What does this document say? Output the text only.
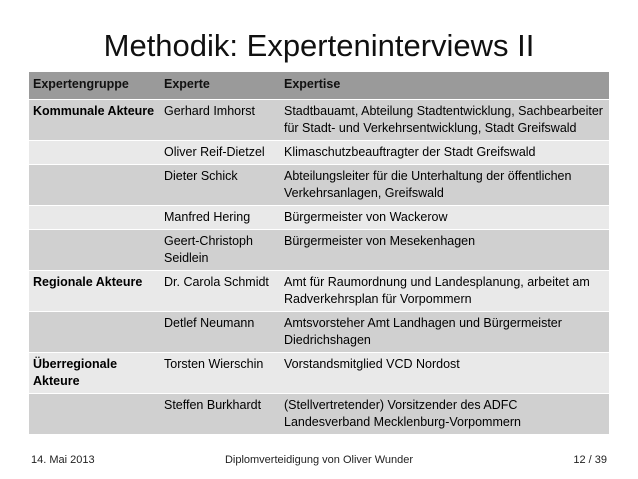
Methodik: Experteninterviews II
Expertengruppe	Experte	Expertise
Kommunale Akteure	Gerhard Imhorst	Stadtbauamt, Abteilung Stadtentwicklung, Sachbearbeiter für Stadt- und Verkehrsentwicklung, Stadt Greifswald
	Oliver Reif-Dietzel	Klimaschutzbeauftragter der Stadt Greifswald
	Dieter Schick	Abteilungsleiter für die Unterhaltung der öffentlichen Verkehrsanlagen, Greifswald
	Manfred Hering	Bürgermeister von Wackerow
	Geert-Christoph Seidlein	Bürgermeister von Mesekenhagen
Regionale Akteure	Dr. Carola Schmidt	Amt für Raumordnung und Landesplanung, arbeitet am Radverkehrsplan für Vorpommern
	Detlef Neumann	Amtsvorsteher Amt Landhagen und Bürgermeister Diedrichshagen
Überregionale Akteure	Torsten Wierschin	Vorstandsmitglied VCD Nordost
	Steffen Burkhardt	(Stellvertretender) Vorsitzender des ADFC Landesverband Mecklenburg-Vorpommern
14. Mai 2013	Diplomverteidigung von Oliver Wunder	12 / 39
